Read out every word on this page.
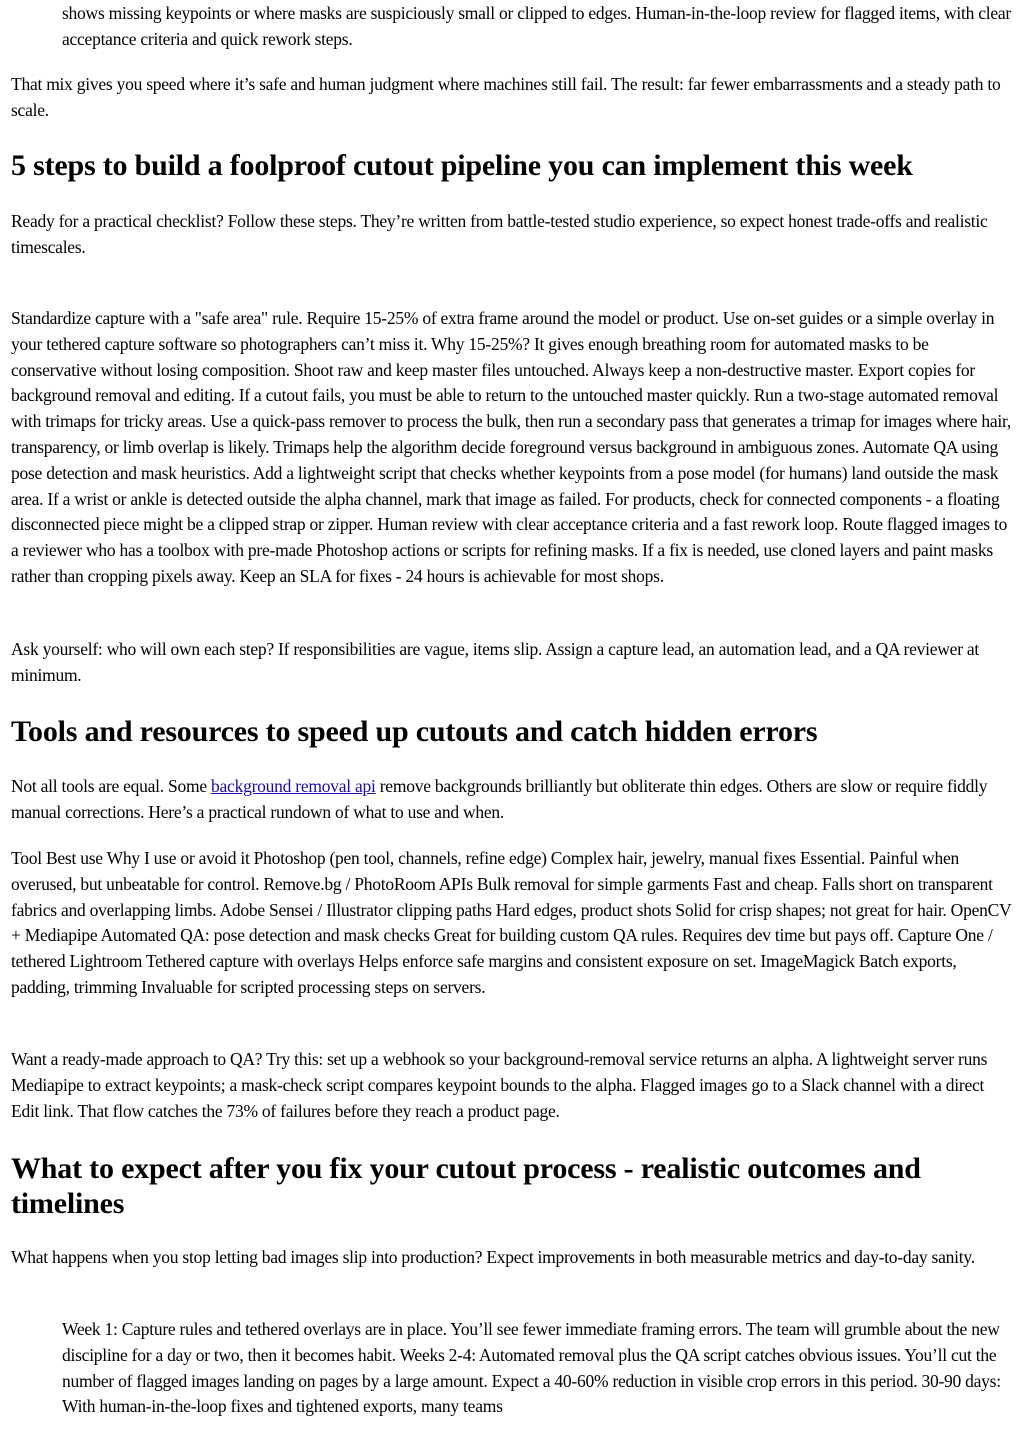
shows missing keypoints or where masks are suspiciously small or clipped to edges. Human-in-the-loop review for flagged items, with clear acceptance criteria and quick rework steps.

That mix gives you speed where it’s safe and human judgment where machines still fail. The result: far fewer embarrassments and a steady path to scale.

5 steps to build a foolproof cutout pipeline you can implement this week

Ready for a practical checklist? Follow these steps. They’re written from battle-tested studio experience, so expect honest trade-offs and realistic timescales.

Standardize capture with a "safe area" rule. Require 15-25% of extra frame around the model or product. Use on-set guides or a simple overlay in your tethered capture software so photographers can’t miss it. Why 15-25%? It gives enough breathing room for automated masks to be conservative without losing composition. Shoot raw and keep master files untouched. Always keep a non-destructive master. Export copies for background removal and editing. If a cutout fails, you must be able to return to the untouched master quickly. Run a two-stage automated removal with trimaps for tricky areas. Use a quick-pass remover to process the bulk, then run a secondary pass that generates a trimap for images where hair, transparency, or limb overlap is likely. Trimaps help the algorithm decide foreground versus background in ambiguous zones. Automate QA using pose detection and mask heuristics. Add a lightweight script that checks whether keypoints from a pose model (for humans) land outside the mask area. If a wrist or ankle is detected outside the alpha channel, mark that image as failed. For products, check for connected components - a floating disconnected piece might be a clipped strap or zipper. Human review with clear acceptance criteria and a fast rework loop. Route flagged images to a reviewer who has a toolbox with pre-made Photoshop actions or scripts for refining masks. If a fix is needed, use cloned layers and paint masks rather than cropping pixels away. Keep an SLA for fixes - 24 hours is achievable for most shops.

Ask yourself: who will own each step? If responsibilities are vague, items slip. Assign a capture lead, an automation lead, and a QA reviewer at minimum.

Tools and resources to speed up cutouts and catch hidden errors

Not all tools are equal. Some background removal api remove backgrounds brilliantly but obliterate thin edges. Others are slow or require fiddly manual corrections. Here’s a practical rundown of what to use and when.

Tool Best use Why I use or avoid it Photoshop (pen tool, channels, refine edge) Complex hair, jewelry, manual fixes Essential. Painful when overused, but unbeatable for control. Remove.bg / PhotoRoom APIs Bulk removal for simple garments Fast and cheap. Falls short on transparent fabrics and overlapping limbs. Adobe Sensei / Illustrator clipping paths Hard edges, product shots Solid for crisp shapes; not great for hair. OpenCV + Mediapipe Automated QA: pose detection and mask checks Great for building custom QA rules. Requires dev time but pays off. Capture One / tethered Lightroom Tethered capture with overlays Helps enforce safe margins and consistent exposure on set. ImageMagick Batch exports, padding, trimming Invaluable for scripted processing steps on servers.

Want a ready-made approach to QA? Try this: set up a webhook so your background-removal service returns an alpha. A lightweight server runs Mediapipe to extract keypoints; a mask-check script compares keypoint bounds to the alpha. Flagged images go to a Slack channel with a direct Edit link. That flow catches the 73% of failures before they reach a product page.

What to expect after you fix your cutout process - realistic outcomes and timelines

What happens when you stop letting bad images slip into production? Expect improvements in both measurable metrics and day-to-day sanity.

Week 1: Capture rules and tethered overlays are in place. You’ll see fewer immediate framing errors. The team will grumble about the new discipline for a day or two, then it becomes habit. Weeks 2-4: Automated removal plus the QA script catches obvious issues. You’ll cut the number of flagged images landing on pages by a large amount. Expect a 40-60% reduction in visible crop errors in this period. 30-90 days: With human-in-the-loop fixes and tightened exports, many teams
